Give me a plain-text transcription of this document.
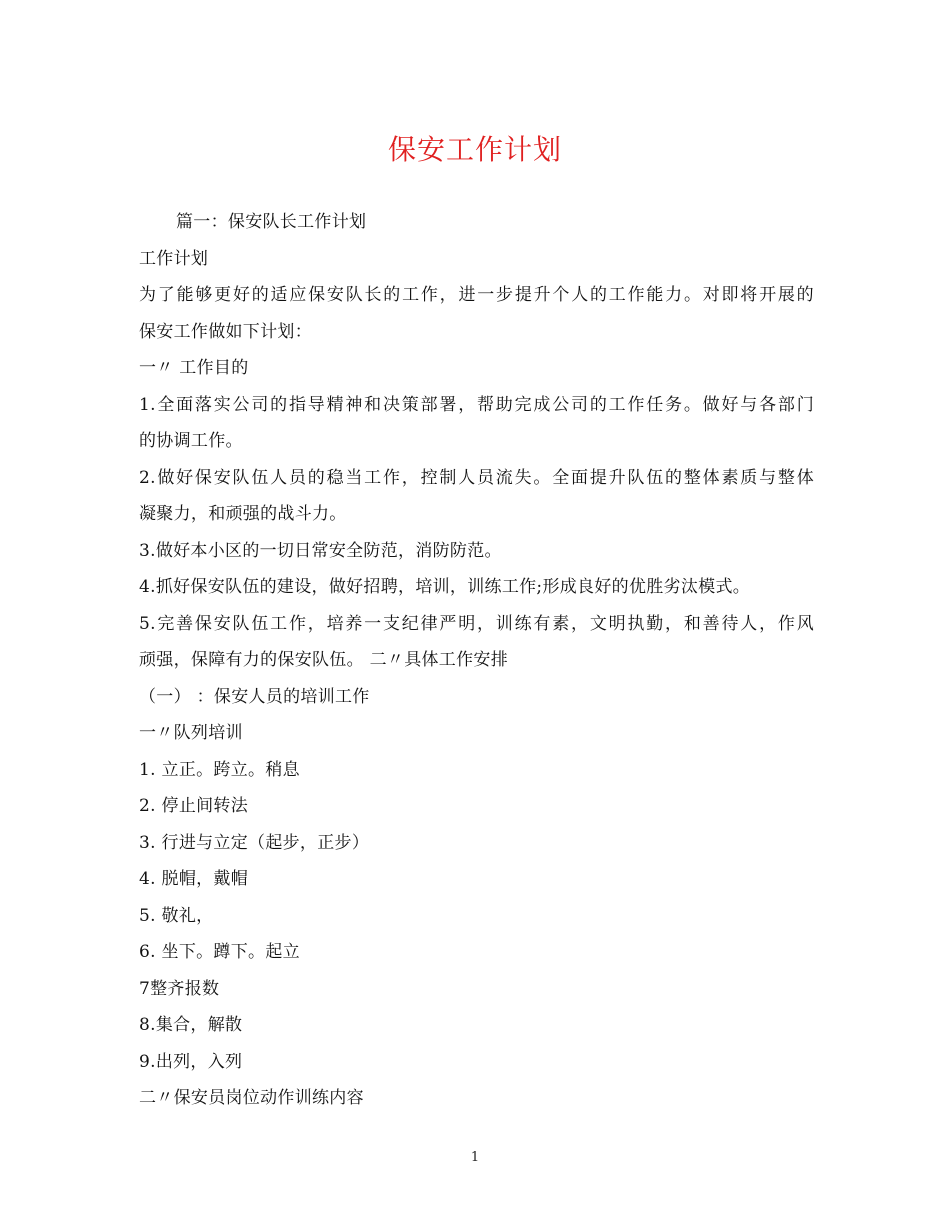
保安工作计划
篇一：保安队长工作计划
工作计划
为了能够更好的适应保安队长的工作，进一步提升个人的工作能力。对即将开展的
保安工作做如下计划：
一〃 工作目的
1.全面落实公司的指导精神和决策部署，帮助完成公司的工作任务。做好与各部门
的协调工作。
2.做好保安队伍人员的稳当工作，控制人员流失。全面提升队伍的整体素质与整体
凝聚力，和顽强的战斗力。
3.做好本小区的一切日常安全防范，消防防范。
4.抓好保安队伍的建设，做好招聘，培训，训练工作;形成良好的优胜劣汰模式。
5.完善保安队伍工作，培养一支纪律严明，训练有素，文明执勤，和善待人，作风
顽强，保障有力的保安队伍。 二〃具体工作安排
（一） ：保安人员的培训工作
一〃队列培训
1. 立正。跨立。稍息
2. 停止间转法
3. 行进与立定（起步，正步）
4. 脱帽，戴帽
5. 敬礼，
6. 坐下。蹲下。起立
7整齐报数
8.集合，解散
9.出列，入列
二〃保安员岗位动作训练内容
1
